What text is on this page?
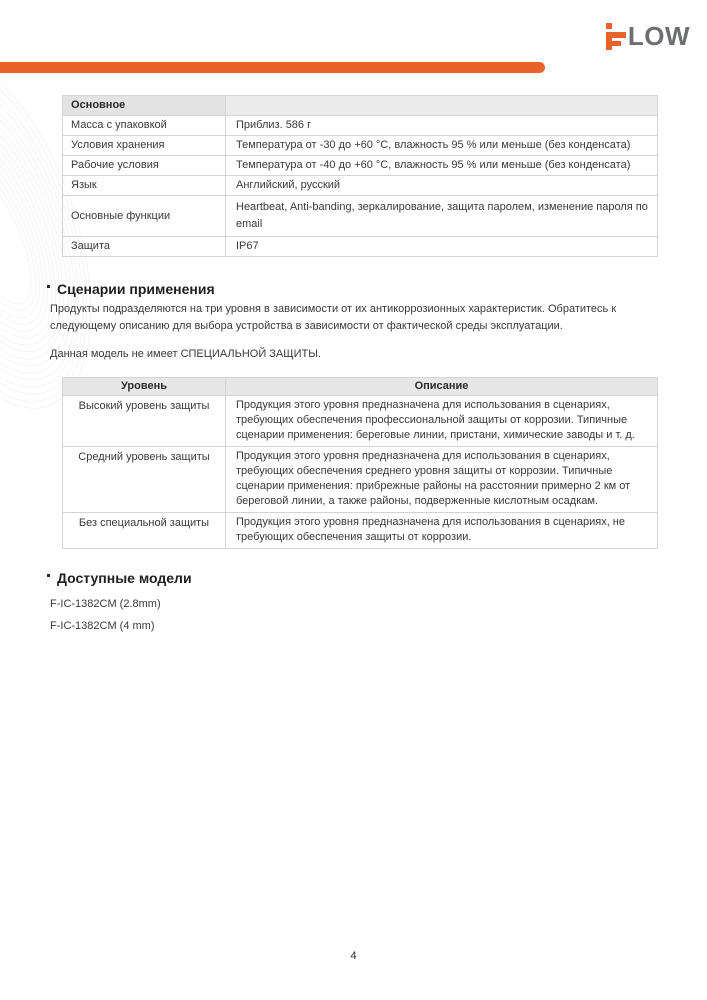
LOW
Основное	
Масса с упаковкой	Приблиз. 586 г
Условия хранения	Температура от -30 до +60 °C, влажность 95 % или меньше (без конденсата)
Рабочие условия	Температура от -40 до +60 °C, влажность 95 % или меньше (без конденсата)
Язык	Английский, русский
Основные функции	Heartbeat, Anti-banding, зеркалирование, защита паролем, изменение пароля по email
Защита	IP67
Сценарии применения
Продукты подразделяются на три уровня в зависимости от их антикоррозионных характеристик. Обратитесь к следующему описанию для выбора устройства в зависимости от фактической среды эксплуатации.
Данная модель не имеет СПЕЦИАЛЬНОЙ ЗАЩИТЫ.
Уровень	Описание
Высокий уровень защиты	Продукция этого уровня предназначена для использования в сценариях, требующих обеспечения профессиональной защиты от коррозии. Типичные сценарии применения: береговые линии, пристани, химические заводы и т. д.
Средний уровень защиты	Продукция этого уровня предназначена для использования в сценариях, требующих обеспечения среднего уровня защиты от коррозии. Типичные сценарии применения: прибрежные районы на расстоянии примерно 2 км от береговой линии, а также районы, подверженные кислотным осадкам.
Без специальной защиты	Продукция этого уровня предназначена для использования в сценариях, не требующих обеспечения защиты от коррозии.
Доступные модели
F-IC-1382CM (2.8mm)
F-IC-1382CM (4 mm)
4
